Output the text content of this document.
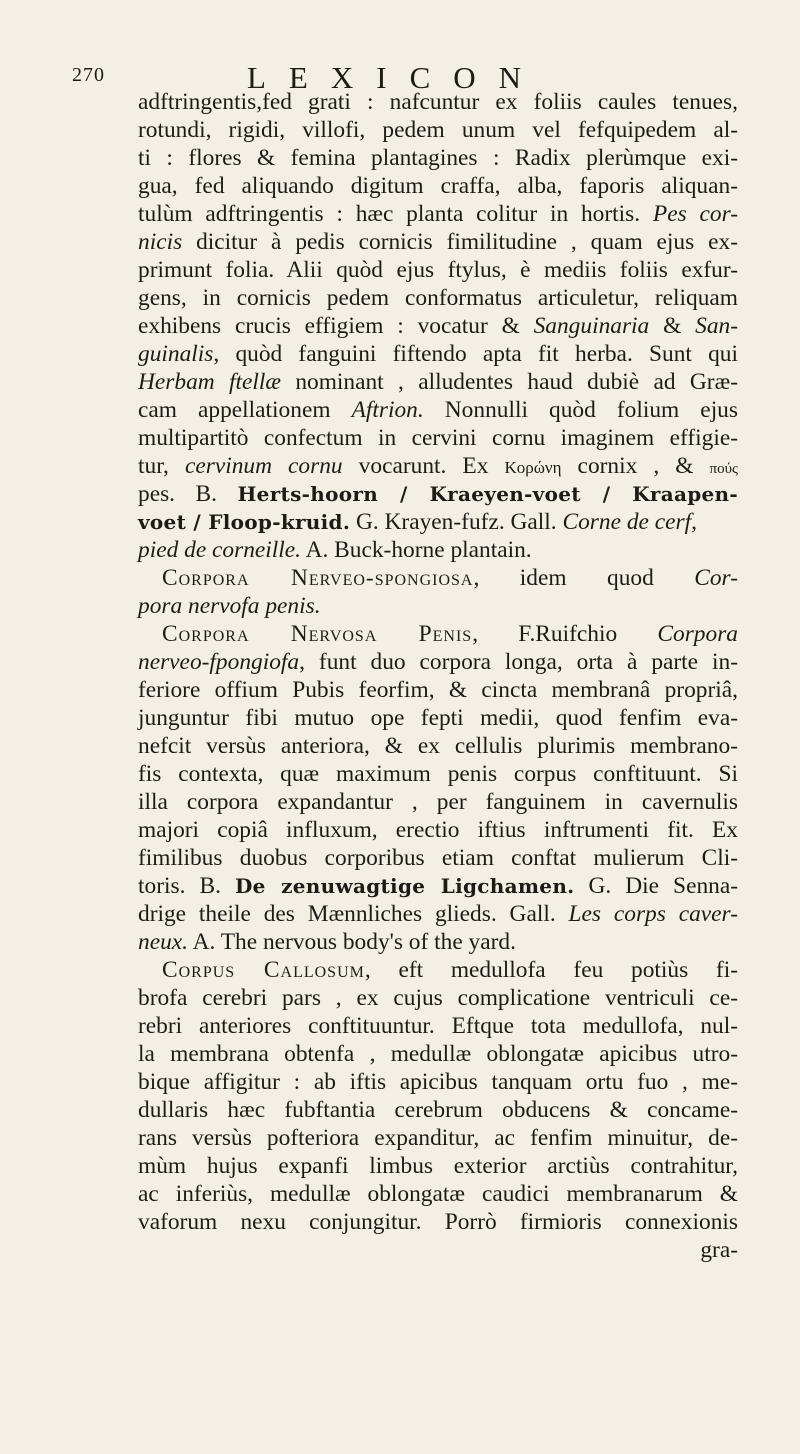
270	LEXICON
adftringentis,fed grati : nafcuntur ex foliis caules tenues,
rotundi, rigidi, villofi, pedem unum vel fefquipedem al-
ti : flores & femina plantagines : Radix plerùmque exi-
gua, fed aliquando digitum craffa, alba, faporis aliquan-
tulùm adftringentis : hæc planta colitur in hortis. Pes cor-
nicis dicitur à pedis cornicis fimilitudine , quam ejus ex-
primunt folia. Alii quòd ejus ftylus, è mediis foliis exfur-
gens, in cornicis pedem conformatus articuletur, reliquam
exhibens crucis effigiem : vocatur & Sanguinaria & San-
guinalis, quòd fanguini fiftendo apta fit herba. Sunt qui
Herbam ftellæ nominant , alludentes haud dubiè ad Græ-
cam appellationem Aftrion. Nonnulli quòd folium ejus
multipartitò confectum in cervini cornu imaginem effigie-
tur, cervinum cornu vocarunt. Ex Κορώνη cornix , & πούς
pes. B. Herts-hoorn / Kraeyen-voet / Kraapen-
voet / Floop-kruid. G. Krayen-fufz. Gall. Corne de cerf,
pied de corneille. A. Buck-horne plantain.
Corpora Nerveo-spongiosa, idem quod Cor-
pora nervofa penis.
Corpora Nervosa Penis, F.Ruifchio Corpora
nerveo-fpongiofa, funt duo corpora longa, orta à parte in-
feriore offium Pubis feorfim, & cincta membranâ propriâ,
junguntur fibi mutuo ope fepti medii, quod fenfim eva-
nefcit versùs anteriora, & ex cellulis plurimis membrano-
fis contexta, quæ maximum penis corpus conftituunt. Si
illa corpora expandantur , per fanguinem in cavernulis
majori copiâ influxum, erectio iftius inftrumenti fit. Ex
fimilibus duobus corporibus etiam conftat mulierum Cli-
toris. B. De zenuwagtige Ligchamen. G. Die Senna-
drige theile des Mænnliches glieds. Gall. Les corps caver-
neux. A. The nervous body's of the yard.
Corpus Callosum, eft medullofa feu potiùs fi-
brofa cerebri pars , ex cujus complicatione ventriculi ce-
rebri anteriores conftituuntur. Eftque tota medullofa, nul-
la membrana obtenfa , medullæ oblongatæ apicibus utro-
bique affigitur : ab iftis apicibus tanquam ortu fuo , me-
dullaris hæc fubftantia cerebrum obducens & concame-
rans versùs pofteriora expanditur, ac fenfim minuitur, de-
mùm hujus expanfi limbus exterior arctiùs contrahitur,
ac inferiùs, medullæ oblongatæ caudici membranarum &
vaforum nexu conjungitur. Porrò firmioris connexionis
gra-
